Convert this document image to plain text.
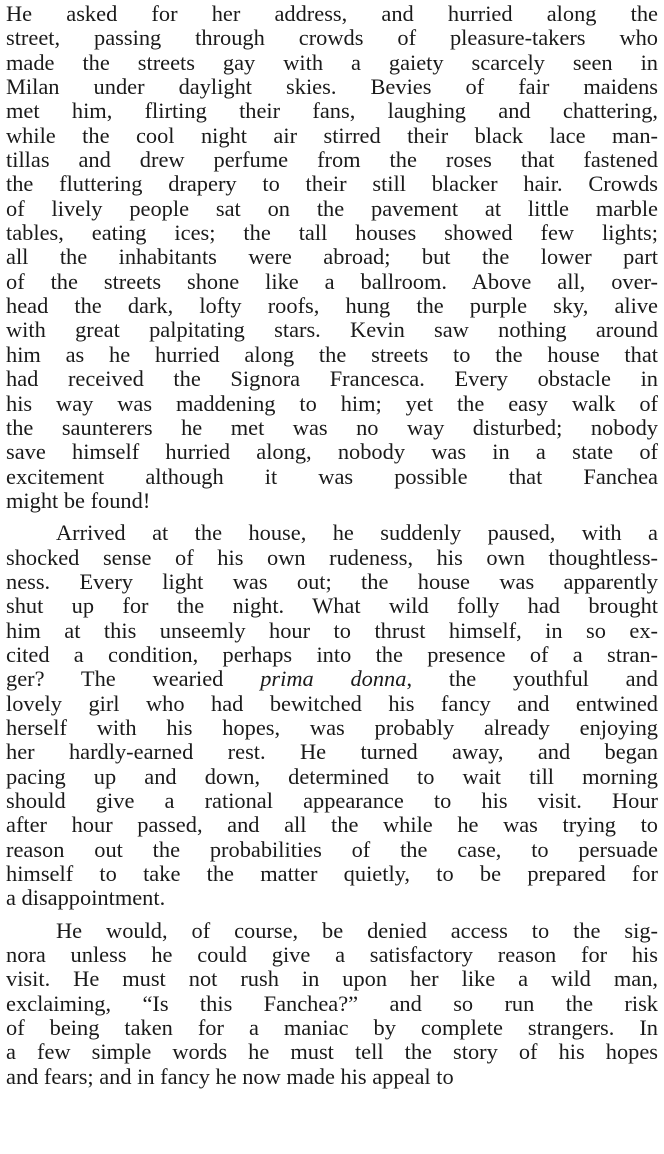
He asked for her address, and hurried along the
street, passing through crowds of pleasure-takers who
made the streets gay with a gaiety scarcely seen in
Milan under daylight skies. Bevies of fair maidens
met him, flirting their fans, laughing and chattering,
while the cool night air stirred their black lace man-
tillas and drew perfume from the roses that fastened
the fluttering drapery to their still blacker hair. Crowds
of lively people sat on the pavement at little marble
tables, eating ices; the tall houses showed few lights;
all the inhabitants were abroad; but the lower part
of the streets shone like a ballroom. Above all, over-
head the dark, lofty roofs, hung the purple sky, alive
with great palpitating stars. Kevin saw nothing around
him as he hurried along the streets to the house that
had received the Signora Francesca. Every obstacle in
his way was maddening to him; yet the easy walk of
the saunterers he met was no way disturbed; nobody
save himself hurried along, nobody was in a state of
excitement although it was possible that Fanchea
might be found!
Arrived at the house, he suddenly paused, with a
shocked sense of his own rudeness, his own thoughtless-
ness. Every light was out; the house was apparently
shut up for the night. What wild folly had brought
him at this unseemly hour to thrust himself, in so ex-
cited a condition, perhaps into the presence of a stran-
ger? The wearied prima donna, the youthful and
lovely girl who had bewitched his fancy and entwined
herself with his hopes, was probably already enjoying
her hardly-earned rest. He turned away, and began
pacing up and down, determined to wait till morning
should give a rational appearance to his visit. Hour
after hour passed, and all the while he was trying to
reason out the probabilities of the case, to persuade
himself to take the matter quietly, to be prepared for
a disappointment.
He would, of course, be denied access to the sig-
nora unless he could give a satisfactory reason for his
visit. He must not rush in upon her like a wild man,
exclaiming, “Is this Fanchea?” and so run the risk
of being taken for a maniac by complete strangers. In
a few simple words he must tell the story of his hopes
and fears; and in fancy he now made his appeal to
